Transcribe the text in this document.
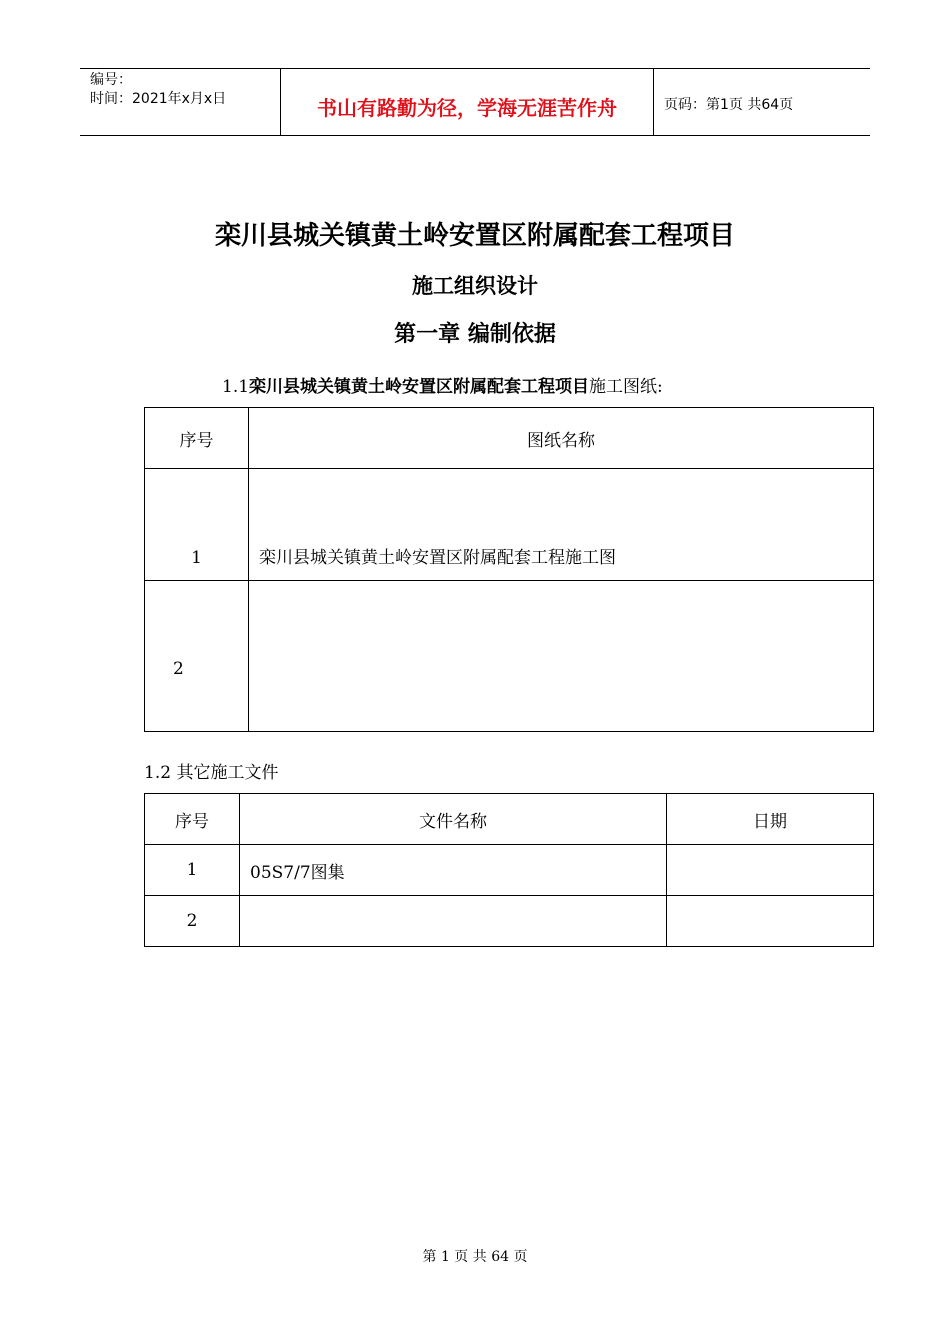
编号：
时间：2021年x月x日	书山有路勤为径，学海无涯苦作舟	页码：第1页 共64页
栾川县城关镇黄土岭安置区附属配套工程项目
施工组织设计
第一章 编制依据
1.1栾川县城关镇黄土岭安置区附属配套工程项目施工图纸:
序号	图纸名称
1	栾川县城关镇黄土岭安置区附属配套工程施工图
2	
1.2 其它施工文件
序号	文件名称	日期
1	05S7/7图集	
2		
第 1 页 共 64 页
